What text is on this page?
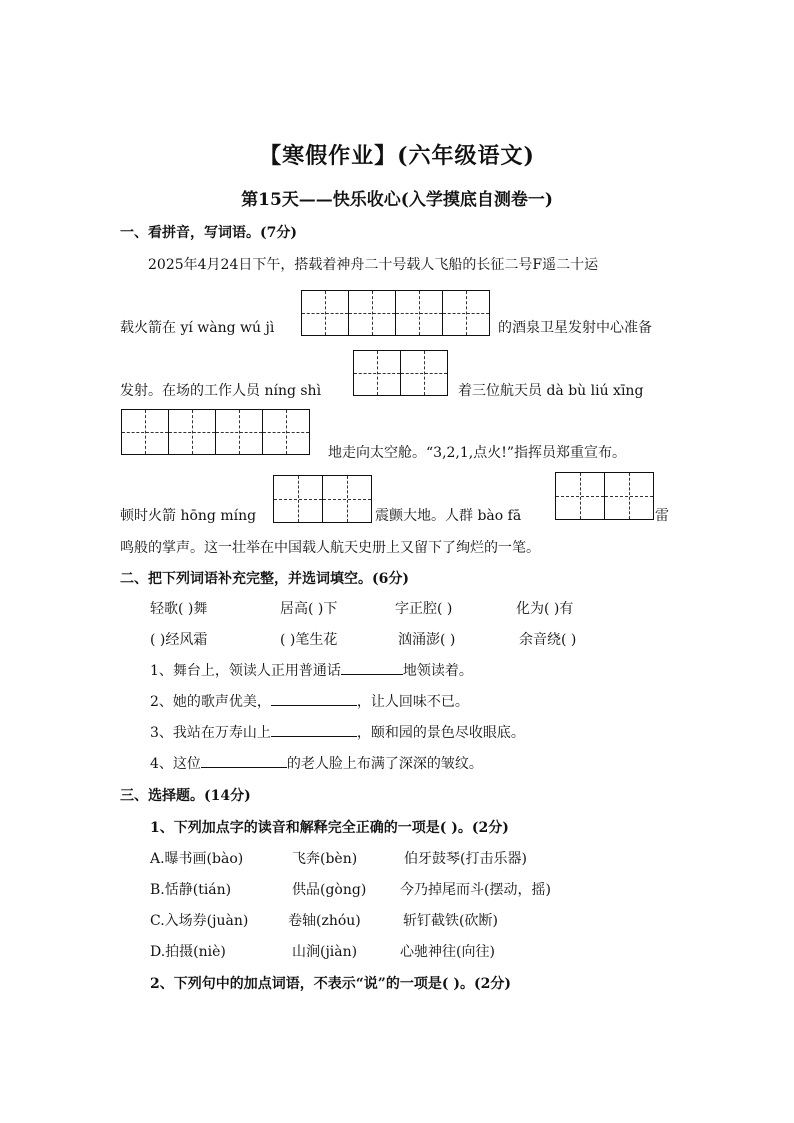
【寒假作业】(六年级语文)
第15天——快乐收心(入学摸底自测卷一)
一、看拼音，写词语。(7分)
2025年4月24日下午，搭载着神舟二十号载人飞船的长征二号F遥二十运
载火箭在 yí wàng wú jì	的酒泉卫星发射中心准备
发射。在场的工作人员 níng shì	着三位航天员 dà bù liú xīng
地走向太空舱。“3,2,1,点火!”指挥员郑重宣布。
顿时火箭 hōng míng	震颤大地。人群 bào fā	雷
鸣般的掌声。这一壮举在中国载人航天史册上又留下了绚烂的一笔。
二、把下列词语补充完整，并选词填空。(6分)
轻歌( )舞	居高( )下	字正腔( )	化为( )有
( )经风霜	( )笔生花	汹涌澎( )	余音绕( )
1、舞台上，领读人正用普通话	地领读着。
2、她的歌声优美，	，让人回味不已。
3、我站在万寿山上	，颐和园的景色尽收眼底。
4、这位	的老人脸上布满了深深的皱纹。
三、选择题。(14分)
1、下列加点字的读音和解释完全正确的一项是( )。(2分)
A.曝书画(bào)	飞奔(bèn)	伯牙鼓琴(打击乐器)
B.恬静(tián)	供品(gòng) 今乃掉尾而斗(摆动，摇)
C.入场券(juàn)	卷轴(zhóu)	斩钉截铁(砍断)
D.拍摄(niè)	山涧(jiàn)	心驰神往(向往)
2、下列句中的加点词语，不表示“说”的一项是( )。(2分)
